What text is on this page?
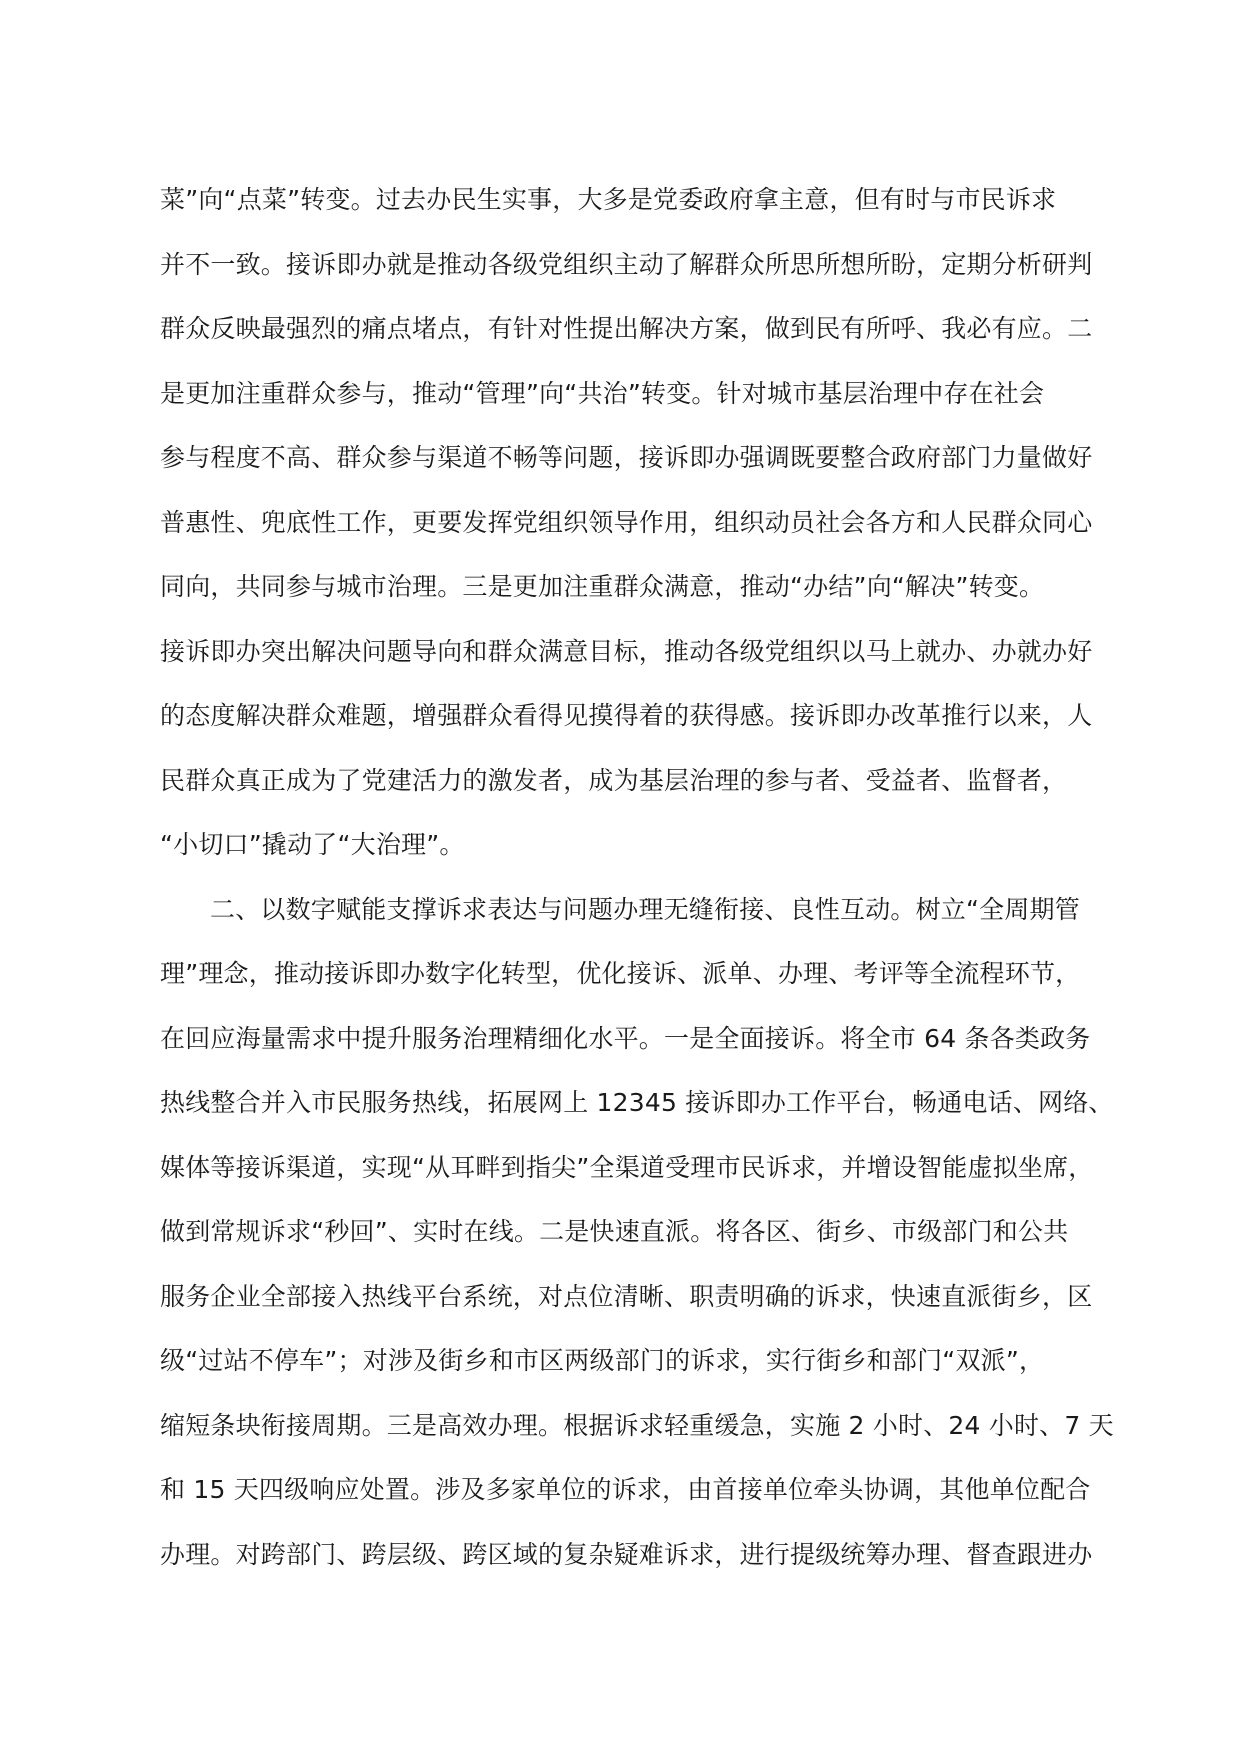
菜”向“点菜”转变。过去办民生实事，大多是党委政府拿主意，但有时与市民诉求
并不一致。接诉即办就是推动各级党组织主动了解群众所思所想所盼，定期分析研判
群众反映最强烈的痛点堵点，有针对性提出解决方案，做到民有所呼、我必有应。二
是更加注重群众参与，推动“管理”向“共治”转变。针对城市基层治理中存在社会
参与程度不高、群众参与渠道不畅等问题，接诉即办强调既要整合政府部门力量做好
普惠性、兜底性工作，更要发挥党组织领导作用，组织动员社会各方和人民群众同心
同向，共同参与城市治理。三是更加注重群众满意，推动“办结”向“解决”转变。
接诉即办突出解决问题导向和群众满意目标，推动各级党组织以马上就办、办就办好
的态度解决群众难题，增强群众看得见摸得着的获得感。接诉即办改革推行以来，人
民群众真正成为了党建活力的激发者，成为基层治理的参与者、受益者、监督者，
“小切口”撬动了“大治理”。
二、以数字赋能支撑诉求表达与问题办理无缝衔接、良性互动。树立“全周期管
理”理念，推动接诉即办数字化转型，优化接诉、派单、办理、考评等全流程环节，
在回应海量需求中提升服务治理精细化水平。一是全面接诉。将全市 64 条各类政务
热线整合并入市民服务热线，拓展网上 12345 接诉即办工作平台，畅通电话、网络、
媒体等接诉渠道，实现“从耳畔到指尖”全渠道受理市民诉求，并增设智能虚拟坐席，
做到常规诉求“秒回”、实时在线。二是快速直派。将各区、街乡、市级部门和公共
服务企业全部接入热线平台系统，对点位清晰、职责明确的诉求，快速直派街乡，区
级“过站不停车”；对涉及街乡和市区两级部门的诉求，实行街乡和部门“双派”，
缩短条块衔接周期。三是高效办理。根据诉求轻重缓急，实施 2 小时、24 小时、7 天
和 15 天四级响应处置。涉及多家单位的诉求，由首接单位牵头协调，其他单位配合
办理。对跨部门、跨层级、跨区域的复杂疑难诉求，进行提级统筹办理、督查跟进办
